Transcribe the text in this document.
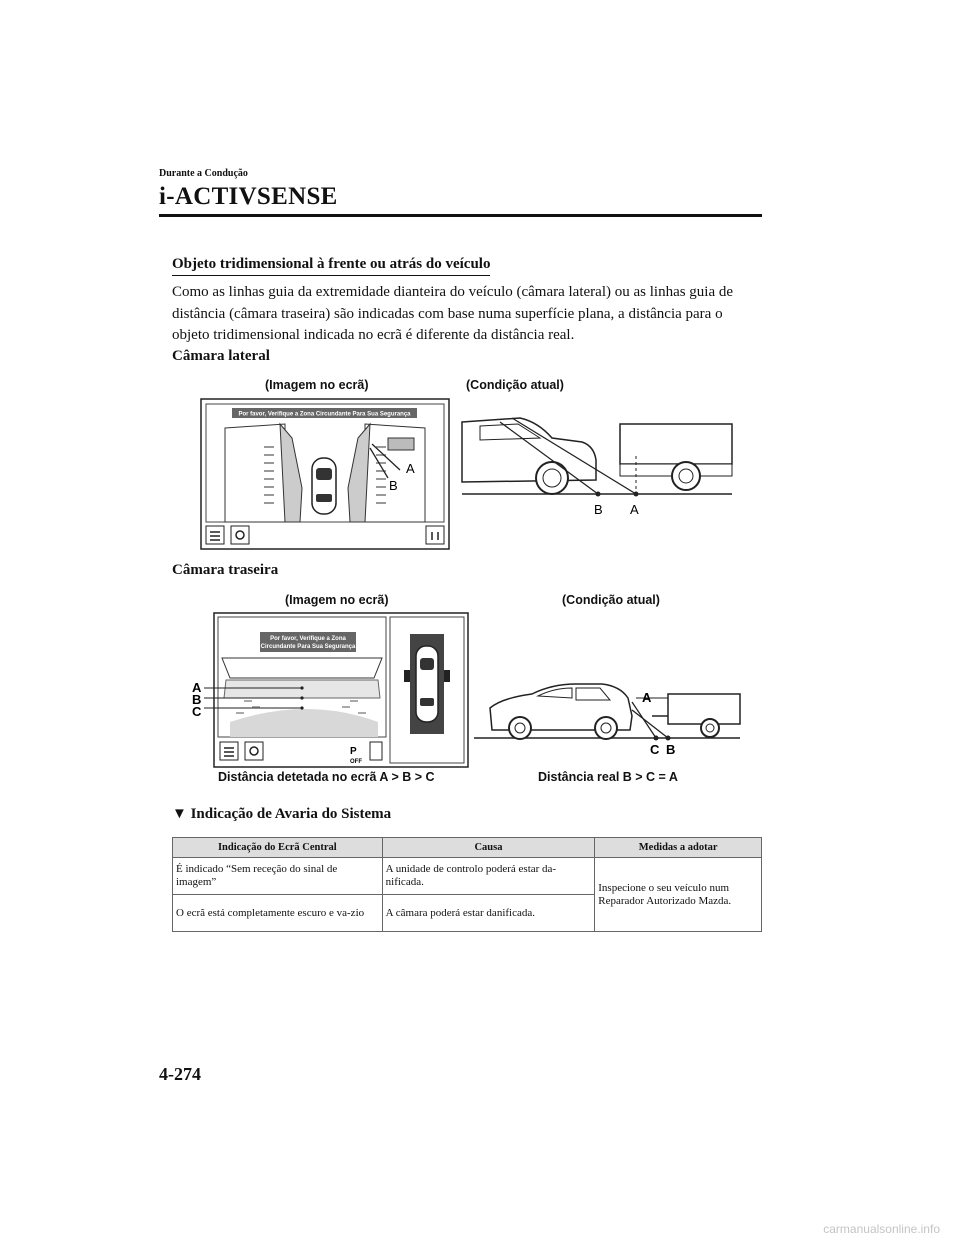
Durante a Condução
i-ACTIVSENSE
Objeto tridimensional à frente ou atrás do veículo
Como as linhas guia da extremidade dianteira do veículo (câmara lateral) ou as linhas guia de distância (câmara traseira) são indicadas com base numa superfície plana, a distância para o objeto tridimensional indicada no ecrã é diferente da distância real.
Câmara lateral
(Imagem no ecrã)	(Condição atual)
Por favor, Verifique a Zona Circundante Para Sua Segurança
A
B
B A
Câmara traseira
(Imagem no ecrã)	(Condição atual)
Por favor, Verifique a Zona
Circundante Para Sua Segurança
A
B
C
P
OFF
A
C B
Distância detetada no ecrã A > B > C	Distância real B > C = A
▼ Indicação de Avaria do Sistema
Indicação do Ecrã Central	Causa	Medidas a adotar
É indicado “Sem receção do sinal de imagem”	A unidade de controlo poderá estar da-nificada.	Inspecione o seu veículo num Reparador Autorizado Mazda.
O ecrã está completamente escuro e va-zio	A câmara poderá estar danificada.	
4-274
carmanualsonline.info
